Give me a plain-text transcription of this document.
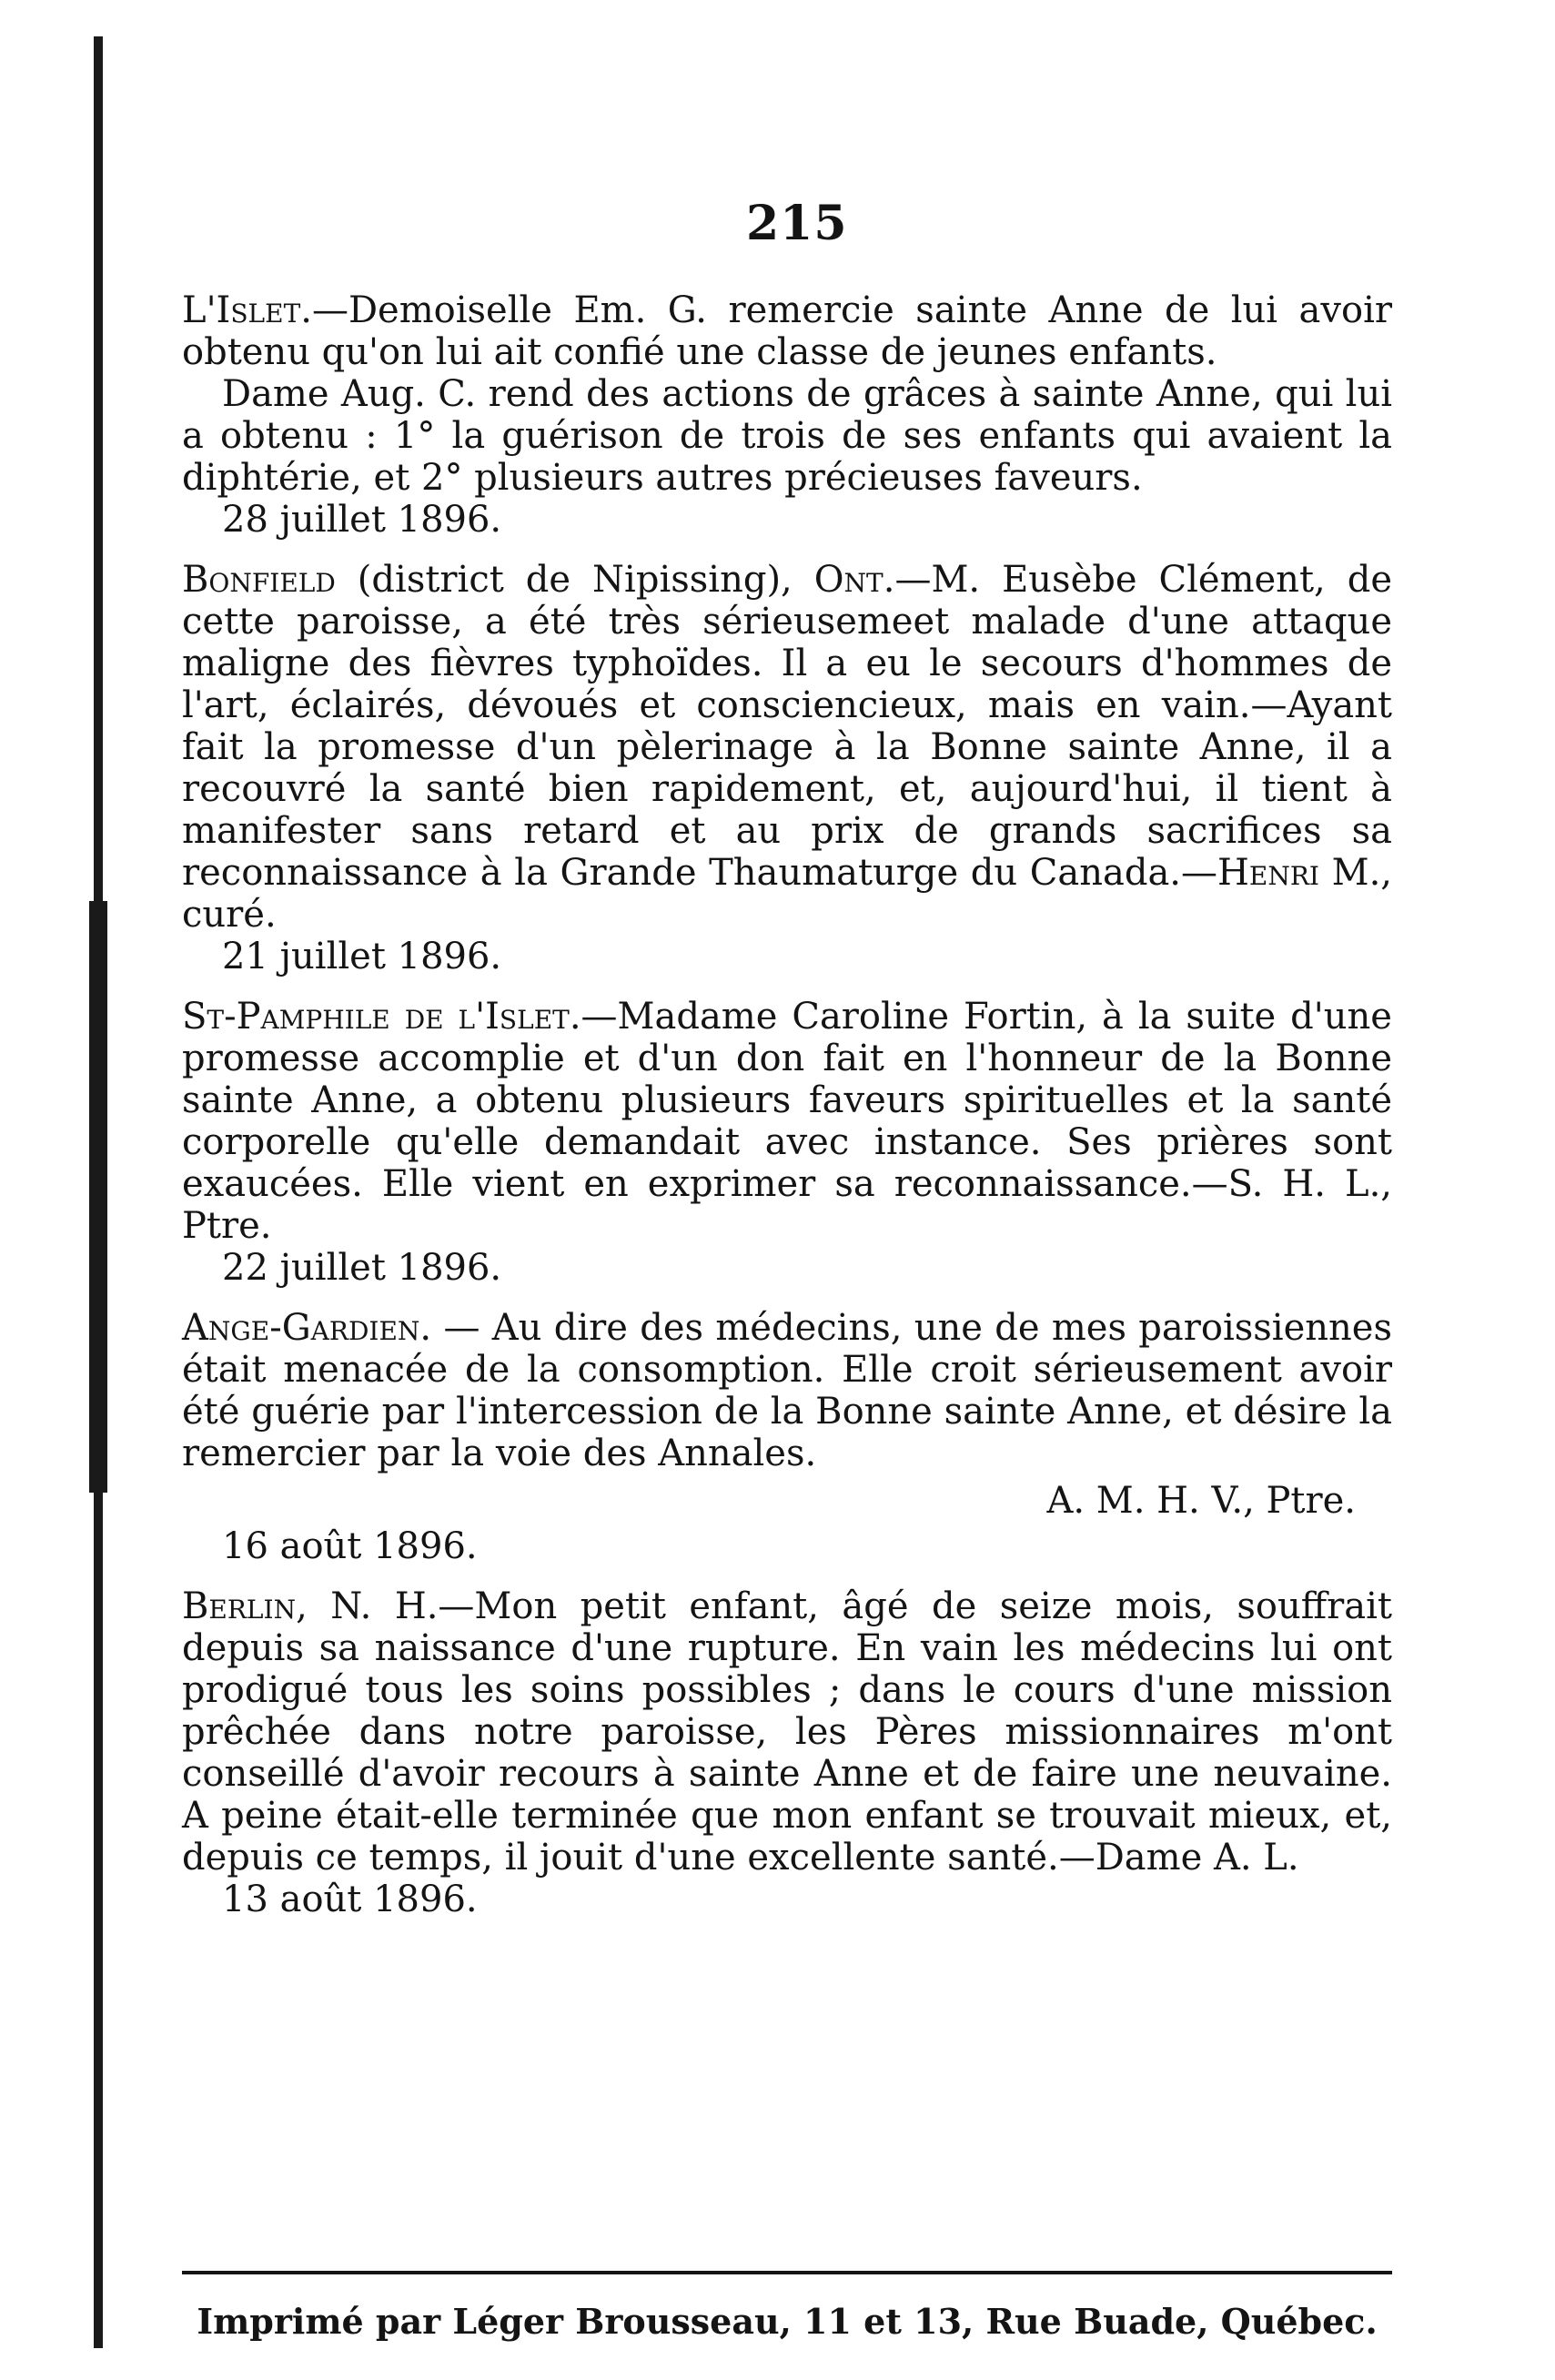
215

L'Islet.—Demoiselle Em. G. remercie sainte Anne de lui avoir obtenu qu'on lui ait confié une classe de jeunes enfants.

Dame Aug. C. rend des actions de grâces à sainte Anne, qui lui a obtenu : 1° la guérison de trois de ses enfants qui avaient la diphtérie, et 2° plusieurs autres précieuses faveurs.

28 juillet 1896.

Bonfield (district de Nipissing), Ont.—M. Eusèbe Clément, de cette paroisse, a été très sérieusemeet malade d'une attaque maligne des fièvres typhoïdes. Il a eu le secours d'hommes de l'art, éclairés, dévoués et consciencieux, mais en vain.—Ayant fait la promesse d'un pèlerinage à la Bonne sainte Anne, il a recouvré la santé bien rapidement, et, aujourd'hui, il tient à manifester sans retard et au prix de grands sacrifices sa reconnaissance à la Grande Thaumaturge du Canada.—Henri M., curé.

21 juillet 1896.

St-Pamphile de l'Islet.—Madame Caroline Fortin, à la suite d'une promesse accomplie et d'un don fait en l'honneur de la Bonne sainte Anne, a obtenu plusieurs faveurs spirituelles et la santé corporelle qu'elle demandait avec instance. Ses prières sont exaucées. Elle vient en exprimer sa reconnaissance.—S. H. L., Ptre.

22 juillet 1896.

Ange-Gardien. — Au dire des médecins, une de mes paroissiennes était menacée de la consomption. Elle croit sérieusement avoir été guérie par l'intercession de la Bonne sainte Anne, et désire la remercier par la voie des Annales.

A. M. H. V., Ptre.

16 août 1896.

Berlin, N. H.—Mon petit enfant, âgé de seize mois, souffrait depuis sa naissance d'une rupture. En vain les médecins lui ont prodigué tous les soins possibles ; dans le cours d'une mission prêchée dans notre paroisse, les Pères missionnaires m'ont conseillé d'avoir recours à sainte Anne et de faire une neuvaine. A peine était-elle terminée que mon enfant se trouvait mieux, et, depuis ce temps, il jouit d'une excellente santé.—Dame A. L.

13 août 1896.

Imprimé par Léger Brousseau, 11 et 13, Rue Buade, Québec.
